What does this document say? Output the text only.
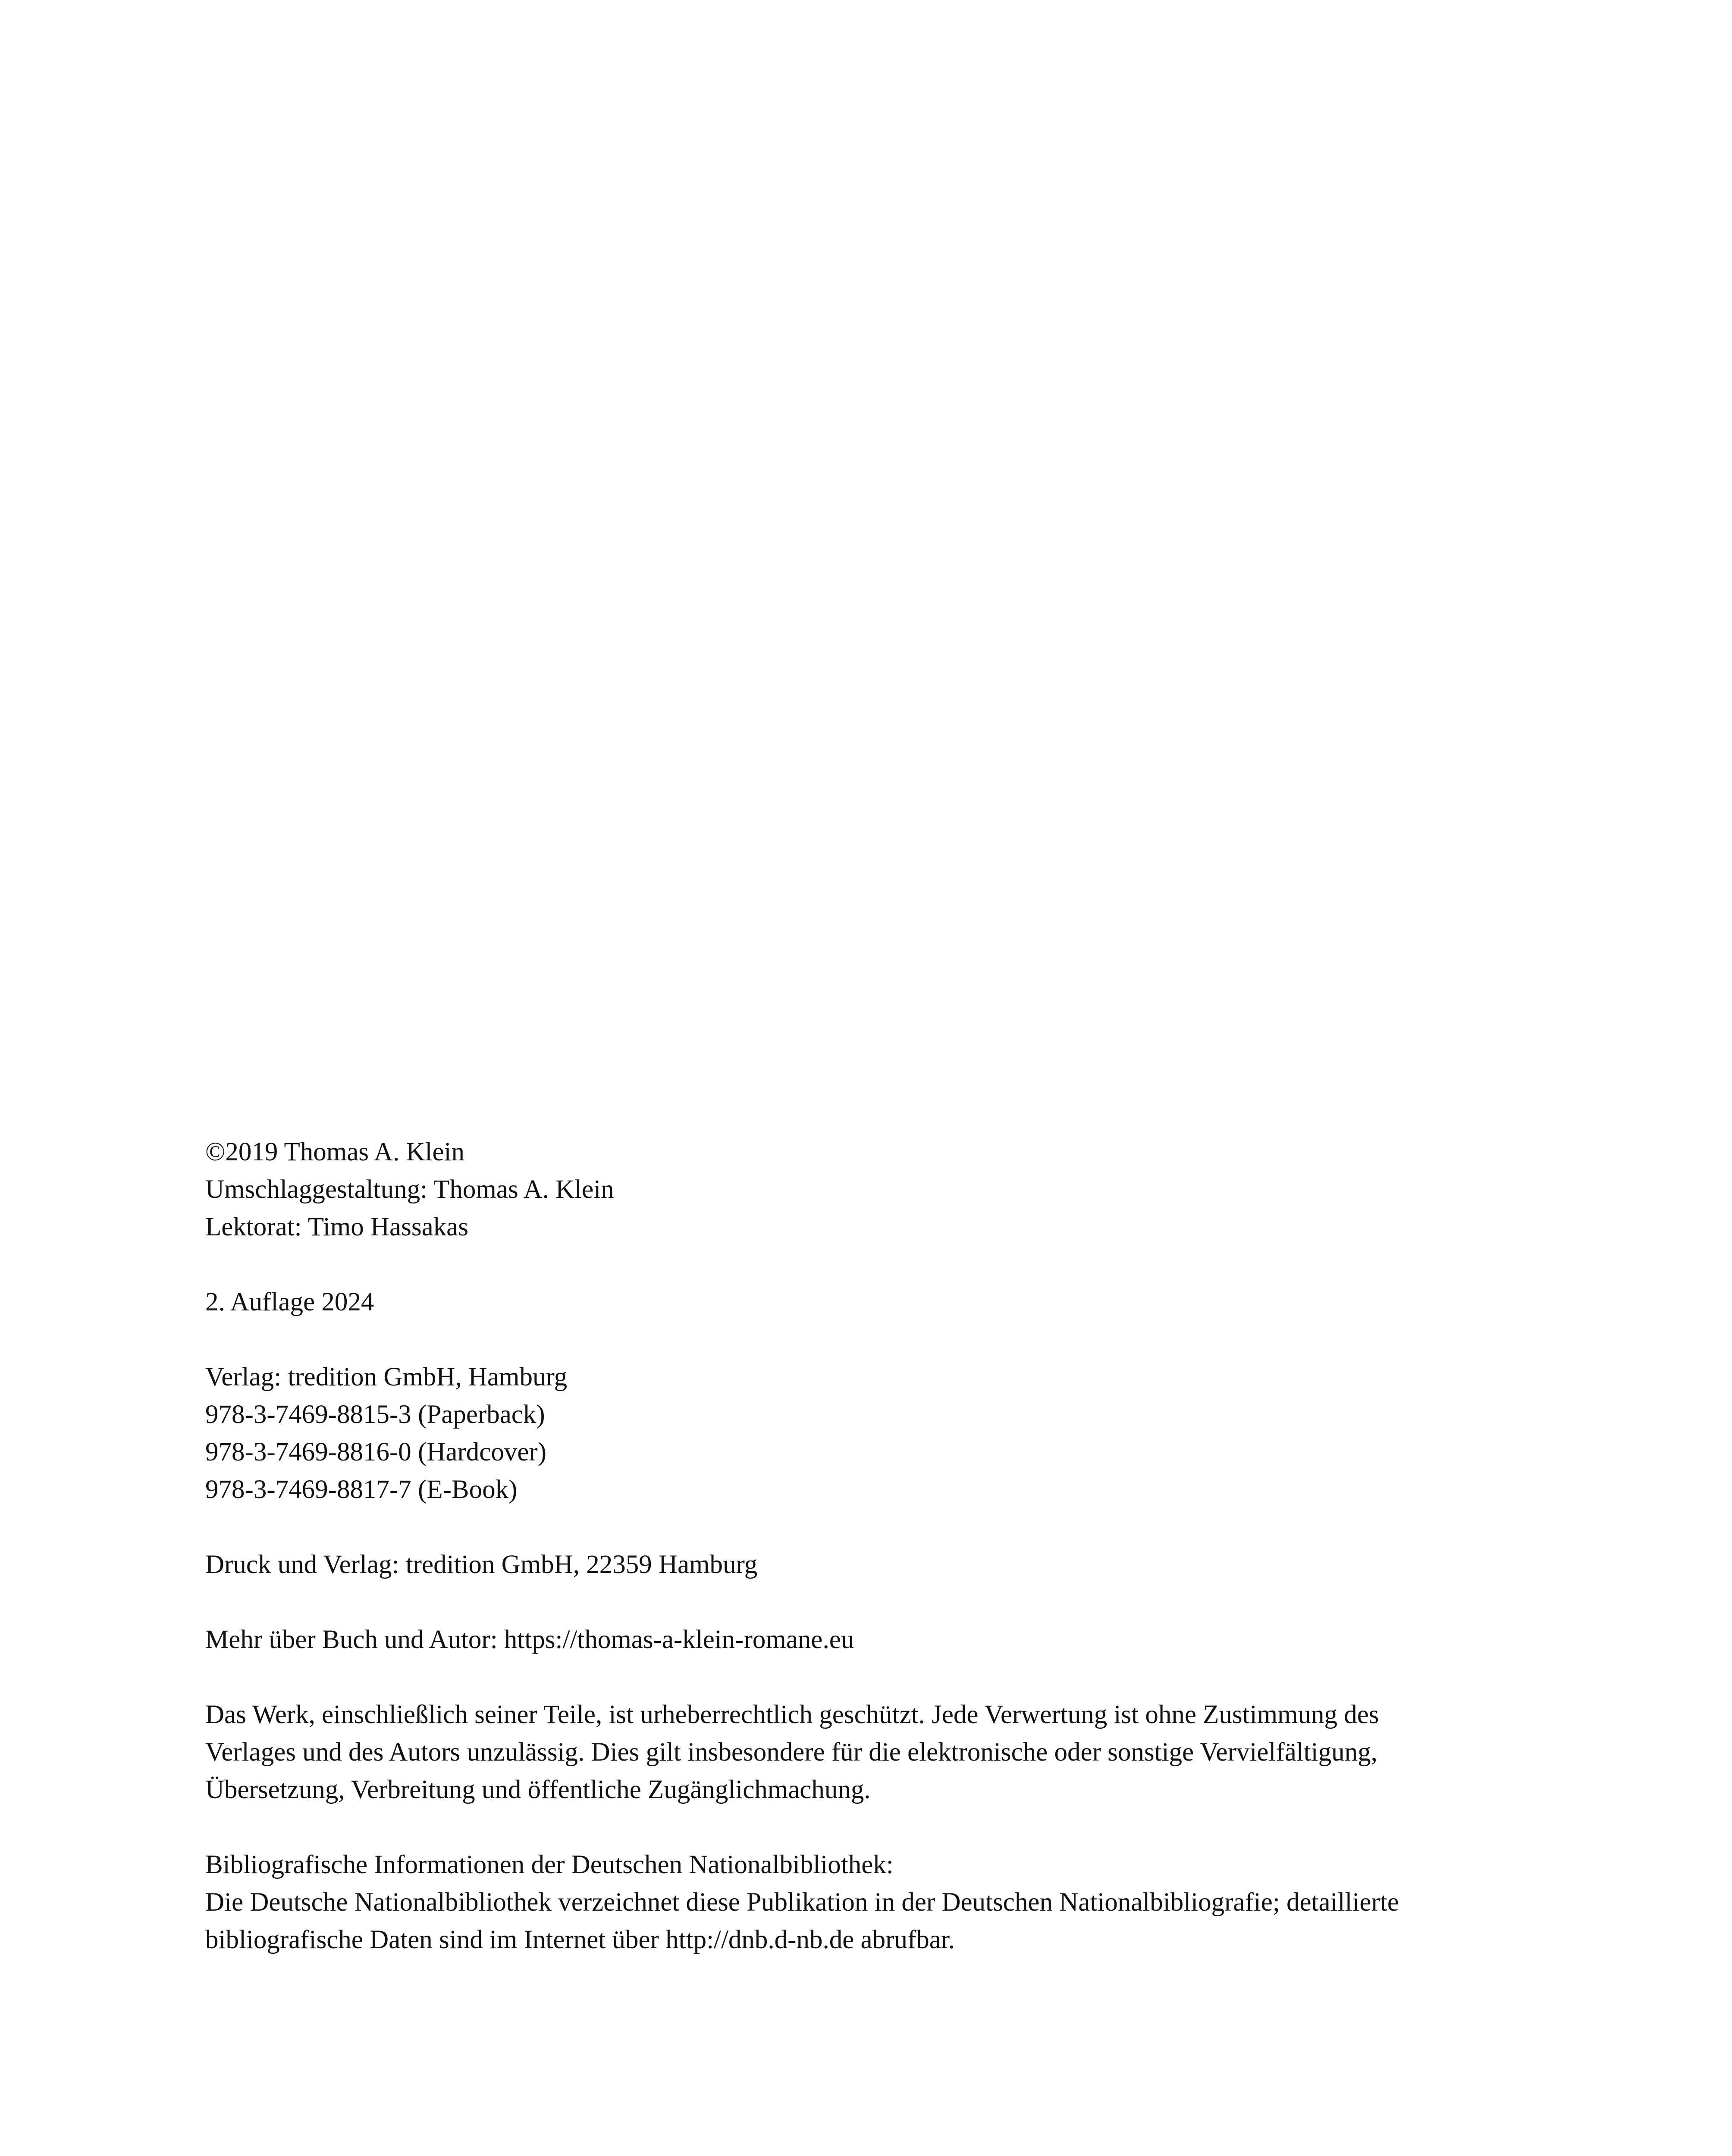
©2019 Thomas A. Klein
Umschlaggestaltung: Thomas A. Klein
Lektorat: Timo Hassakas
2. Auflage 2024
Verlag: tredition GmbH, Hamburg
978-3-7469-8815-3 (Paperback)
978-3-7469-8816-0 (Hardcover)
978-3-7469-8817-7 (E-Book)
Druck und Verlag: tredition GmbH, 22359 Hamburg
Mehr über Buch und Autor: https://thomas-a-klein-romane.eu
Das Werk, einschließlich seiner Teile, ist urheberrechtlich geschützt. Jede Verwertung ist ohne Zustimmung des
Verlages und des Autors unzulässig. Dies gilt insbesondere für die elektronische oder sonstige Vervielfältigung,
Übersetzung, Verbreitung und öffentliche Zugänglichmachung.
Bibliografische Informationen der Deutschen Nationalbibliothek:
Die Deutsche Nationalbibliothek verzeichnet diese Publikation in der Deutschen Nationalbibliografie; detaillierte
bibliografische Daten sind im Internet über http://dnb.d-nb.de abrufbar.
